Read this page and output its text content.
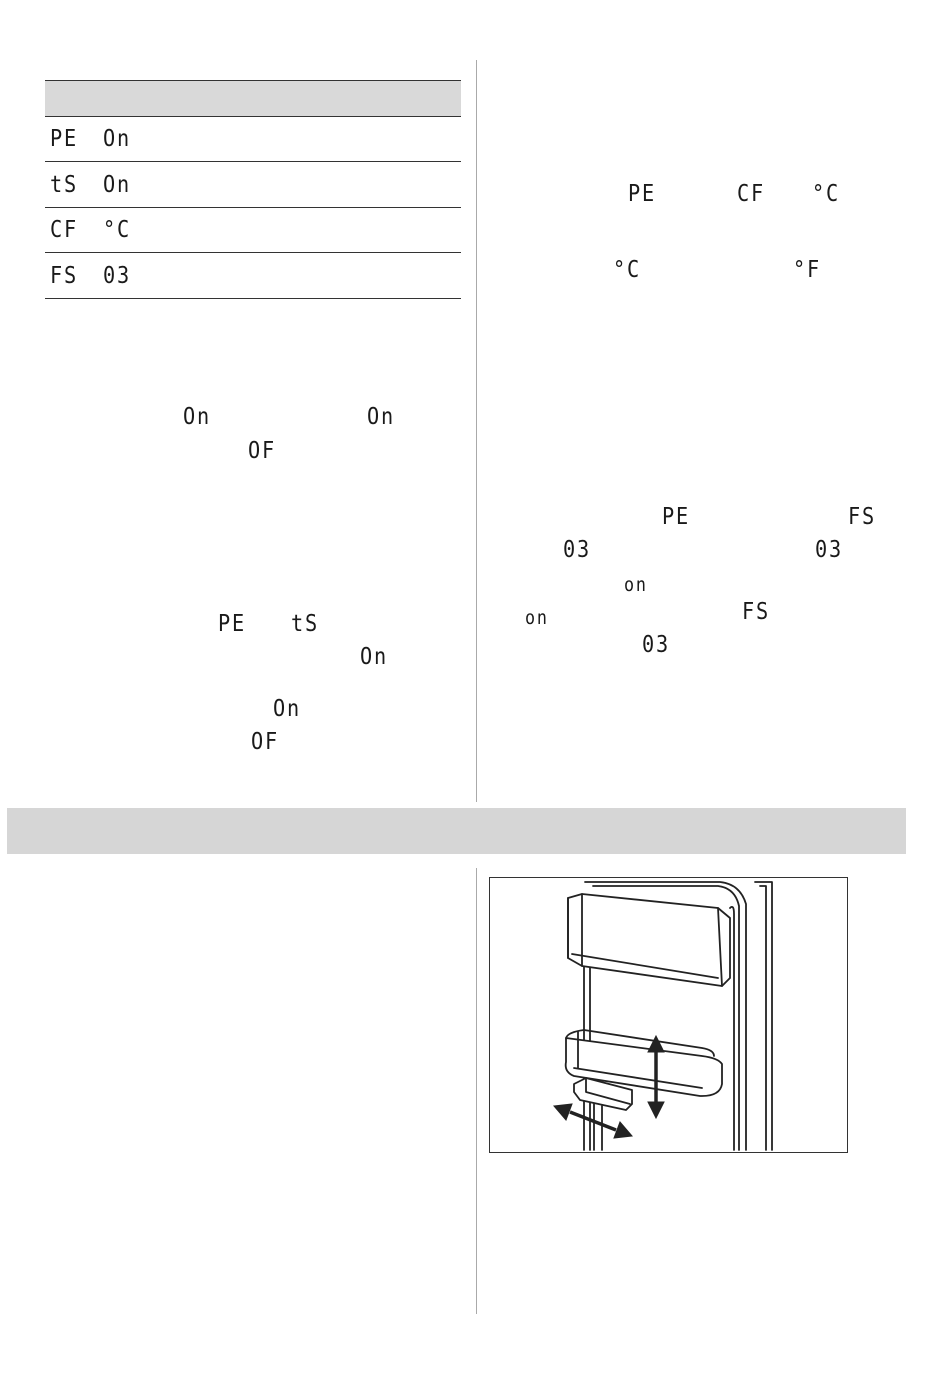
PE On
tS On
CF °C
FS 03
On	On
OF
PE tS
On
On
OF
PE	CF °C
°C	°F
PE	FS
03	03
on
on	FS
03
